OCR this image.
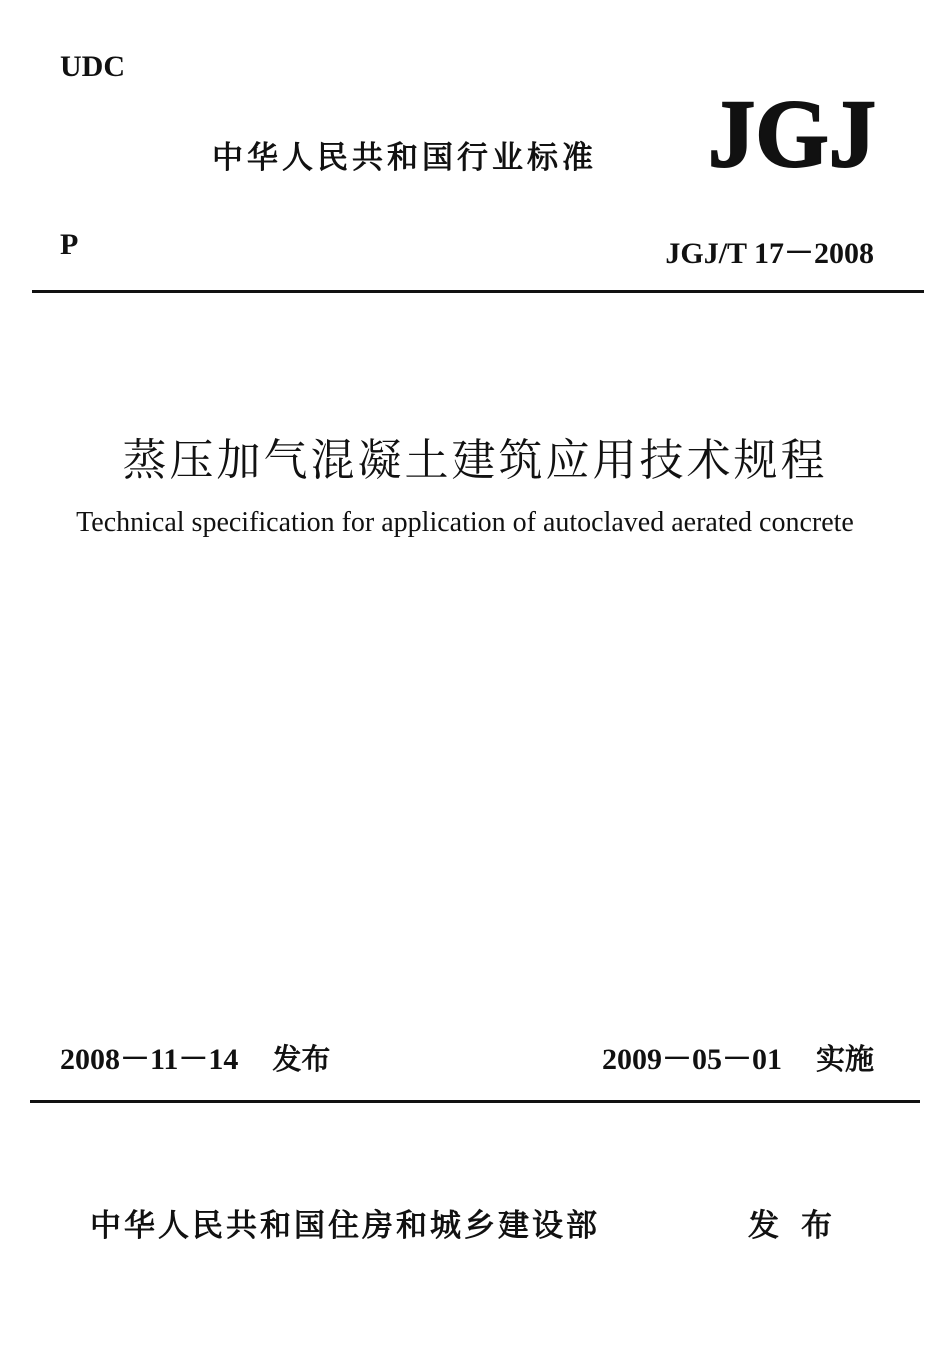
UDC
中华人民共和国行业标准 JGJ
P	JGJ/T 17－2008
蒸压加气混凝土建筑应用技术规程
Technical specification for application of autoclaved aerated concrete
2008－11－14 发布	2009－05－01 实施
中华人民共和国住房和城乡建设部	发布
